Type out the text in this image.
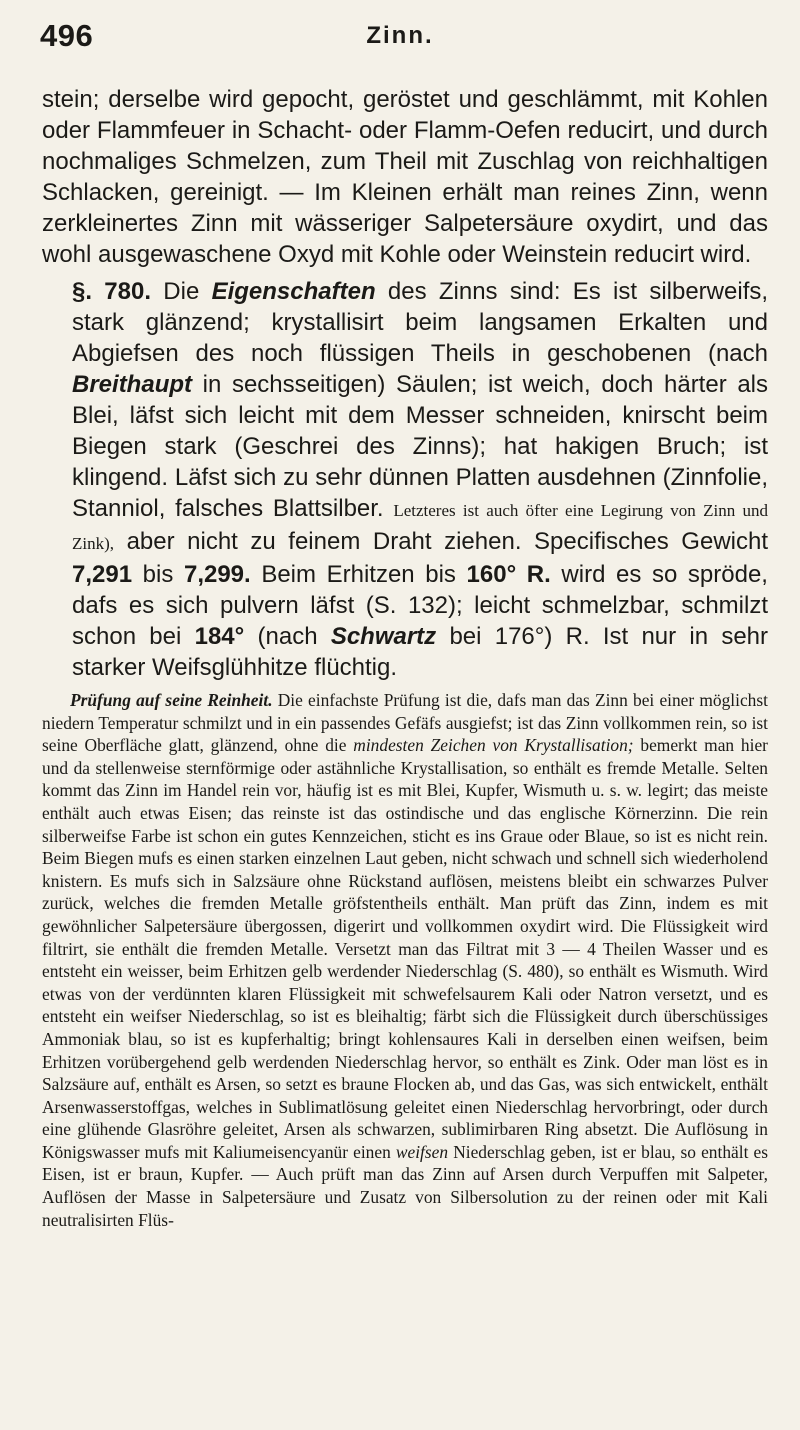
496	Zinn.

stein; derselbe wird gepocht, geröstet und geschlämmt, mit Kohlen oder Flammfeuer in Schacht- oder Flamm-Oefen reducirt, und durch nochmaliges Schmelzen, zum Theil mit Zuschlag von reichhaltigen Schlacken, gereinigt. — Im Kleinen erhält man reines Zinn, wenn zerkleinertes Zinn mit wässeriger Salpetersäure oxydirt, und das wohl ausgewaschene Oxyd mit Kohle oder Weinstein reducirt wird.

§. 780. Die Eigenschaften des Zinns sind: Es ist silberweifs, stark glänzend; krystallisirt beim langsamen Erkalten und Abgiefsen des noch flüssigen Theils in geschobenen (nach Breithaupt in sechsseitigen) Säulen; ist weich, doch härter als Blei, läfst sich leicht mit dem Messer schneiden, knirscht beim Biegen stark (Geschrei des Zinns); hat hakigen Bruch; ist klingend. Läfst sich zu sehr dünnen Platten ausdehnen (Zinnfolie, Stanniol, falsches Blattsilber. Letzteres ist auch öfter eine Legirung von Zinn und Zink), aber nicht zu feinem Draht ziehen. Specifisches Gewicht 7,291 bis 7,299. Beim Erhitzen bis 160° R. wird es so spröde, dafs es sich pulvern läfst (S. 132); leicht schmelzbar, schmilzt schon bei 184° (nach Schwartz bei 176°) R. Ist nur in sehr starker Weifsglühhitze flüchtig.

Prüfung auf seine Reinheit. Die einfachste Prüfung ist die, dafs man das Zinn bei einer möglichst niedern Temperatur schmilzt und in ein passendes Gefäfs ausgiefst; ist das Zinn vollkommen rein, so ist seine Oberfläche glatt, glänzend, ohne die mindesten Zeichen von Krystallisation; bemerkt man hier und da stellenweise sternförmige oder astähnliche Krystallisation, so enthält es fremde Metalle. Selten kommt das Zinn im Handel rein vor, häufig ist es mit Blei, Kupfer, Wismuth u. s. w. legirt; das meiste enthält auch etwas Eisen; das reinste ist das ostindische und das englische Körnerzinn. Die rein silberweifse Farbe ist schon ein gutes Kennzeichen, sticht es ins Graue oder Blaue, so ist es nicht rein. Beim Biegen mufs es einen starken einzelnen Laut geben, nicht schwach und schnell sich wiederholend knistern. Es mufs sich in Salzsäure ohne Rückstand auflösen, meistens bleibt ein schwarzes Pulver zurück, welches die fremden Metalle gröfstentheils enthält. Man prüft das Zinn, indem es mit gewöhnlicher Salpetersäure übergossen, digerirt und vollkommen oxydirt wird. Die Flüssigkeit wird filtrirt, sie enthält die fremden Metalle. Versetzt man das Filtrat mit 3 — 4 Theilen Wasser und es entsteht ein weisser, beim Erhitzen gelb werdender Niederschlag (S. 480), so enthält es Wismuth. Wird etwas von der verdünnten klaren Flüssigkeit mit schwefelsaurem Kali oder Natron versetzt, und es entsteht ein weifser Niederschlag, so ist es bleihaltig; färbt sich die Flüssigkeit durch überschüssiges Ammoniak blau, so ist es kupferhaltig; bringt kohlensaures Kali in derselben einen weifsen, beim Erhitzen vorübergehend gelb werdenden Niederschlag hervor, so enthält es Zink. Oder man löst es in Salzsäure auf, enthält es Arsen, so setzt es braune Flocken ab, und das Gas, was sich entwickelt, enthält Arsenwasserstoffgas, welches in Sublimatlösung geleitet einen Niederschlag hervorbringt, oder durch eine glühende Glasröhre geleitet, Arsen als schwarzen, sublimirbaren Ring absetzt. Die Auflösung in Königswasser mufs mit Kaliumeisencyanür einen weifsen Niederschlag geben, ist er blau, so enthält es Eisen, ist er braun, Kupfer. — Auch prüft man das Zinn auf Arsen durch Verpuffen mit Salpeter, Auflösen der Masse in Salpetersäure und Zusatz von Silbersolution zu der reinen oder mit Kali neutralisirten Flüs-
